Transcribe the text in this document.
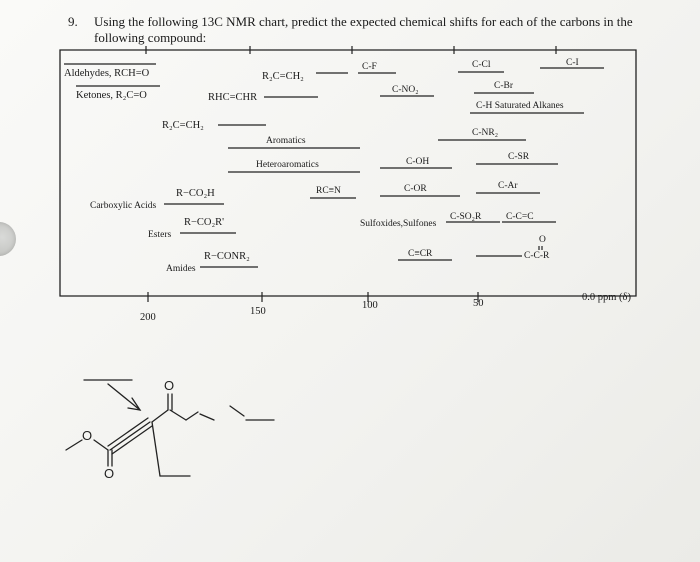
9. Using the following 13C NMR chart, predict the expected chemical shifts for each of the carbons in the following compound:
200
150
100	50
0.0 ppm (δ)
Aldehydes, RCH=O
Ketones, R₂C=O
R₂C=CH₂
RHC=CHR
R₂C=CH₂
Aromatics
Heteroaromatics
R−CO₂H
Carboxylic Acids
R−CO₂R'
Esters
R−CONR₂
Amides
RC≡N
C-F
C-NO₂
C-Cl	C-I
C-Br
C-H Saturated Alkanes
C-NR₂
C-OH	C-SR
C-OR	C-Ar
Sulfoxides,Sulfones
C-SO₂R	C-C=C
C≡CR
O
C-C-R
O
O
O
